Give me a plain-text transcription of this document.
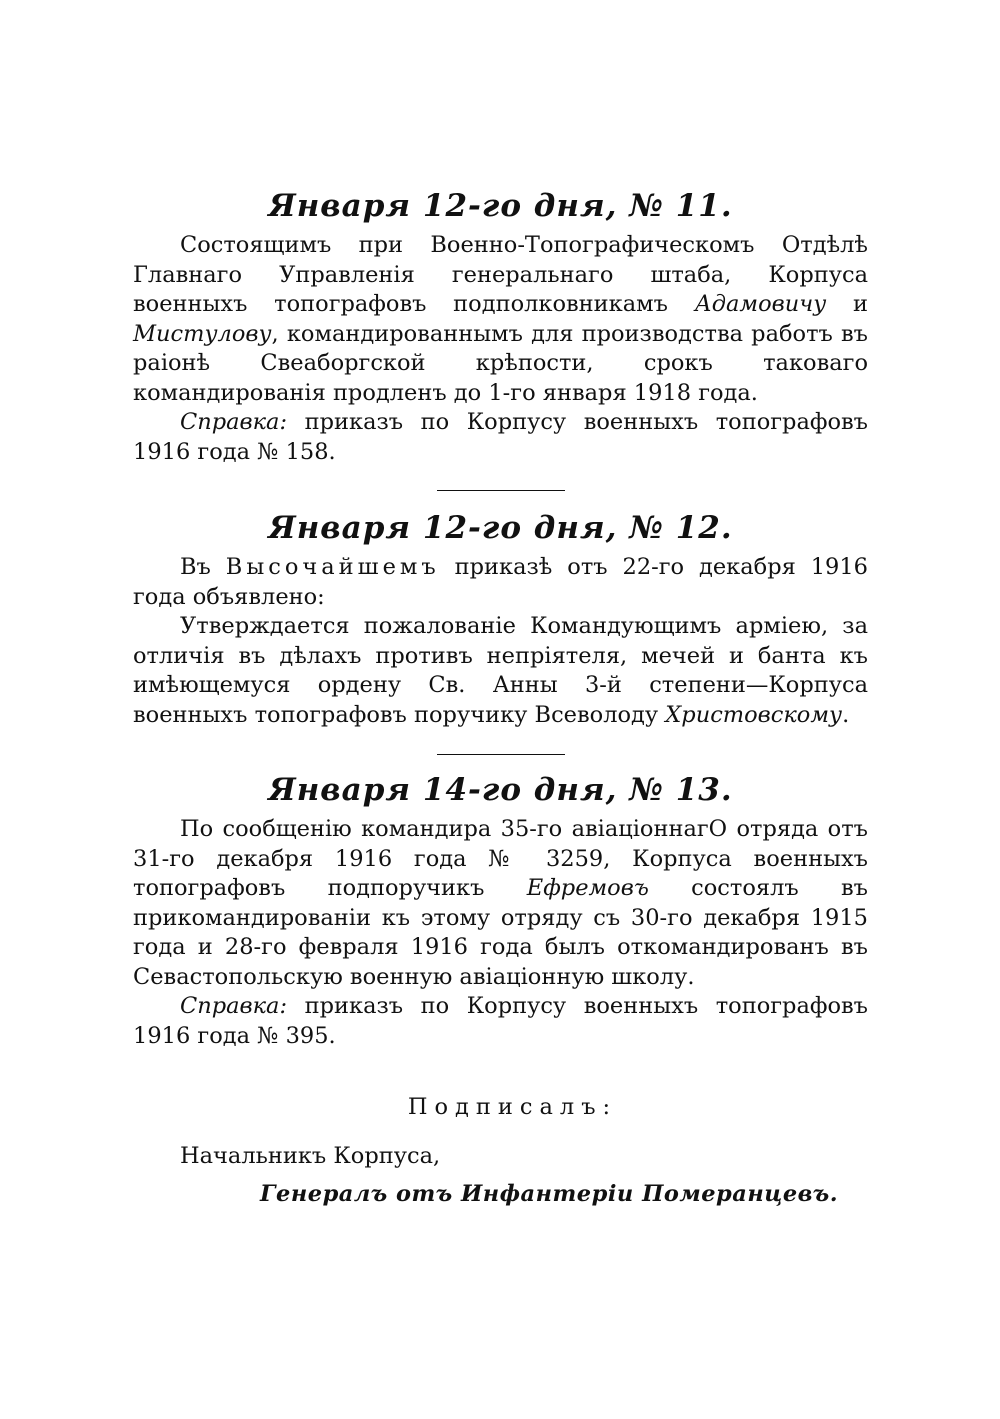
Января 12-го дня, № 11.

Состоящимъ при Военно-Топографическомъ Отдѣлѣ Главнаго Управленія генеральнаго штаба, Корпуса военныхъ топографовъ подполковникамъ Адамовичу и Мистулову, командированнымъ для производства работъ въ раіонѣ Свеаборгской крѣпости, срокъ таковаго командированія продленъ до 1-го января 1918 года.

Справка: приказъ по Корпусу военныхъ топографовъ 1916 года № 158.

Января 12-го дня, № 12.

Въ Высочайшемъ приказѣ отъ 22-го декабря 1916 года объявлено:

Утверждается пожалованіе Командующимъ арміею, за отличія въ дѣлахъ противъ непріятеля, мечей и банта къ имѣющемуся ордену Св. Анны 3-й степени—Корпуса военныхъ топографовъ поручику Всеволоду Христовскому.

Января 14-го дня, № 13.

По сообщенію командира 35-го авіаціоннагО отряда отъ 31-го декабря 1916 года № 3259, Корпуса военныхъ топографовъ подпоручикъ Ефремовъ состоялъ въ прикомандированіи къ этому отряду съ 30-го декабря 1915 года и 28-го февраля 1916 года былъ откомандированъ въ Севастопольскую военную авіаціонную школу.

Справка: приказъ по Корпусу военныхъ топографовъ 1916 года № 395.

Подписалъ:
Начальникъ Корпуса,
Генералъ отъ Инфантеріи Померанцевъ.
